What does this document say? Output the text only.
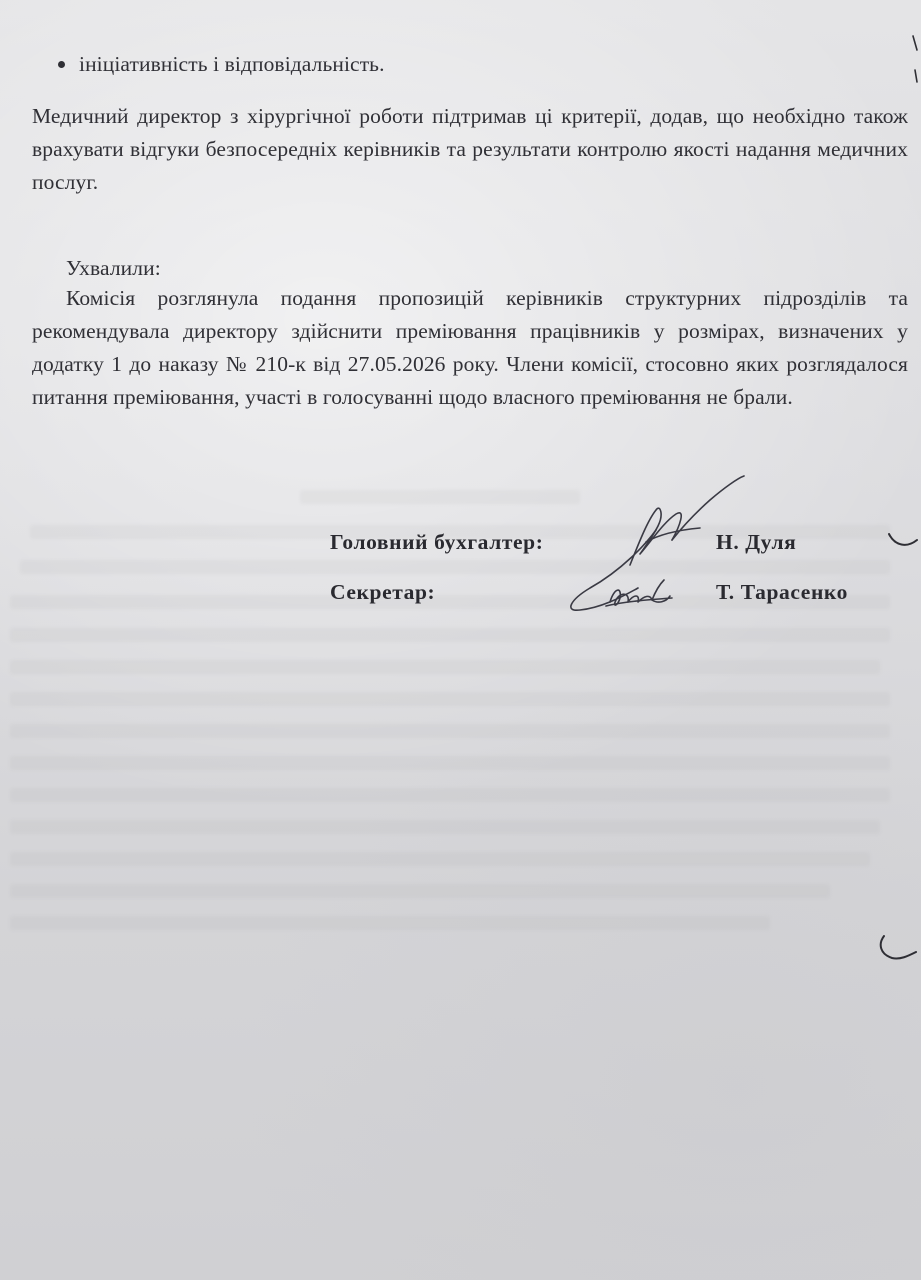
ініціативність і відповідальність.
Медичний директор з хірургічної роботи підтримав ці критерії, додав, що необхідно також врахувати відгуки безпосередніх керівників та результати контролю якості надання медичних послуг.
Ухвалили:
Комісія розглянула подання пропозицій керівників структурних підрозділів та рекомендувала директору здійснити преміювання працівників у розмірах, визначених у додатку 1 до наказу № 210-к від 27.05.2026 року. Члени комісії, стосовно яких розглядалося питання преміювання, участі в голосуванні щодо власного преміювання не брали.
Головний бухгалтер:	Н. Дуля
Секретар:	Т. Тарасенко
